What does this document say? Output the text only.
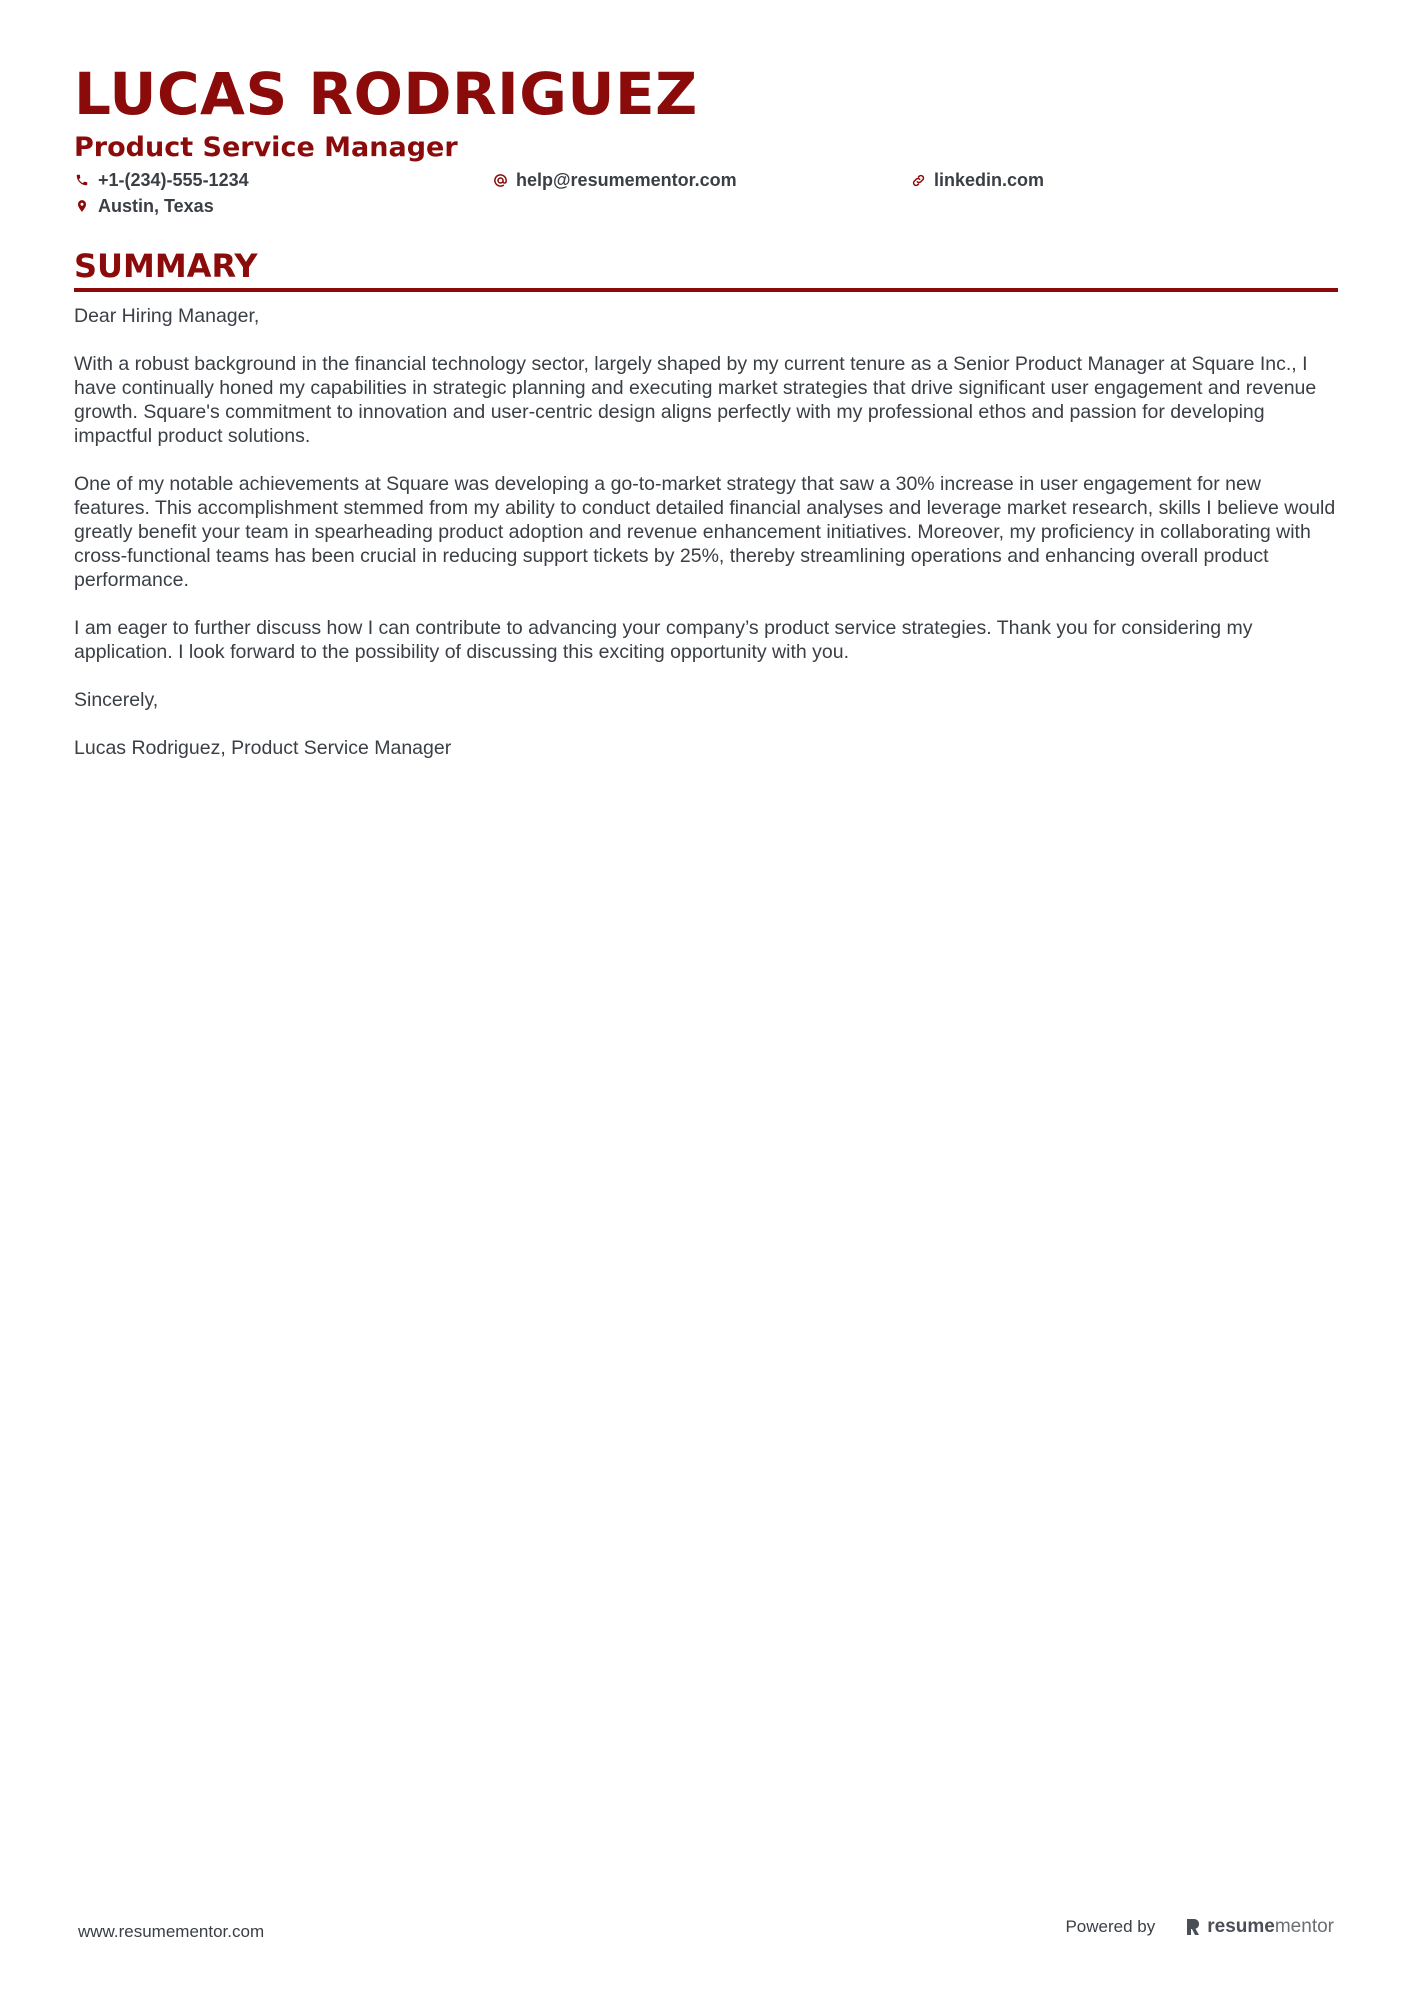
LUCAS RODRIGUEZ
Product Service Manager
+1-(234)-555-1234	help@resumementor.com	linkedin.com
Austin, Texas
SUMMARY

Dear Hiring Manager,

With a robust background in the financial technology sector, largely shaped by my current tenure as a Senior Product Manager at Square Inc., I have continually honed my capabilities in strategic planning and executing market strategies that drive significant user engagement and revenue growth. Square's commitment to innovation and user-centric design aligns perfectly with my professional ethos and passion for developing impactful product solutions.

One of my notable achievements at Square was developing a go-to-market strategy that saw a 30% increase in user engagement for new features. This accomplishment stemmed from my ability to conduct detailed financial analyses and leverage market research, skills I believe would greatly benefit your team in spearheading product adoption and revenue enhancement initiatives. Moreover, my proficiency in collaborating with cross-functional teams has been crucial in reducing support tickets by 25%, thereby streamlining operations and enhancing overall product performance.

I am eager to further discuss how I can contribute to advancing your company’s product service strategies. Thank you for considering my application. I look forward to the possibility of discussing this exciting opportunity with you.

Sincerely,

Lucas Rodriguez, Product Service Manager

www.resumementor.com	Powered by	resume mentor
